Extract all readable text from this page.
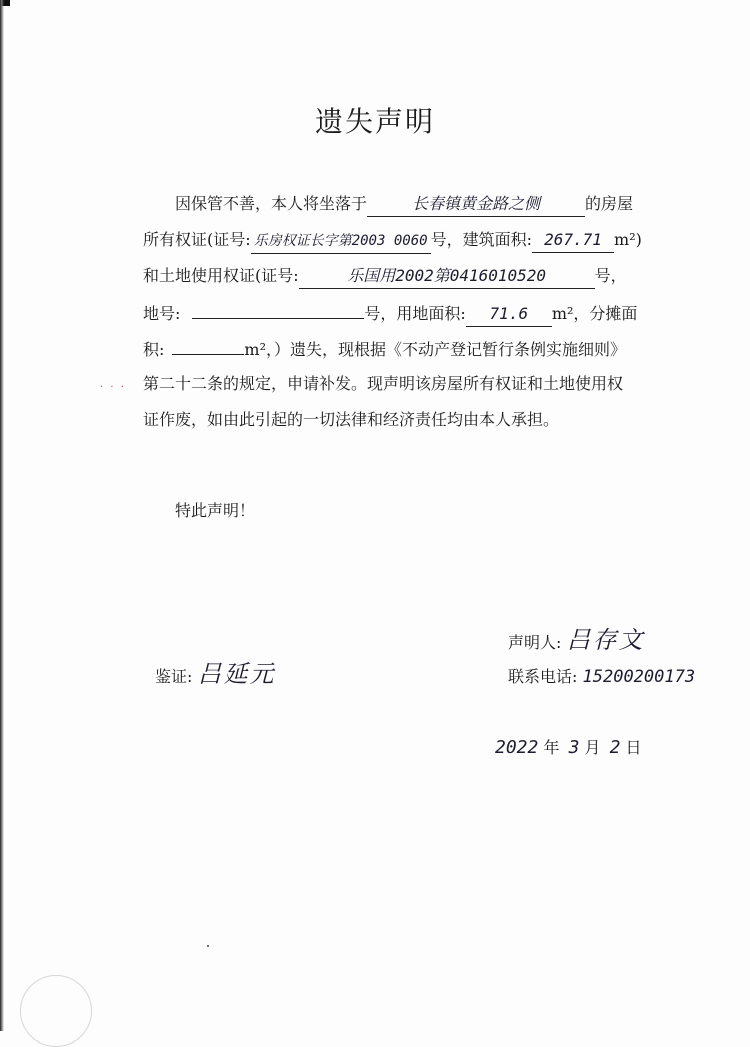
遗失声明
因保管不善，本人将坐落于	长春镇黄金路之侧	的房屋
所有权证(证号: 乐房权证长字第2003 0060 号，建筑面积: 267.71 m²)
和土地使用权证(证号:	乐国用2002第0416010520	号，
地号:	号，用地面积: 71.6 m²，分摊面
积:	m²，）遗失，现根据《不动产登记暂行条例实施细则》
第二十二条的规定，申请补发。现声明该房屋所有权证和土地使用权
证作废，如由此引起的一切法律和经济责任均由本人承担。
· · ·
特此声明！
声明人: 吕存文
鉴证: 吕延元	联系电话: 15200200173
2022 年 3 月 2 日
